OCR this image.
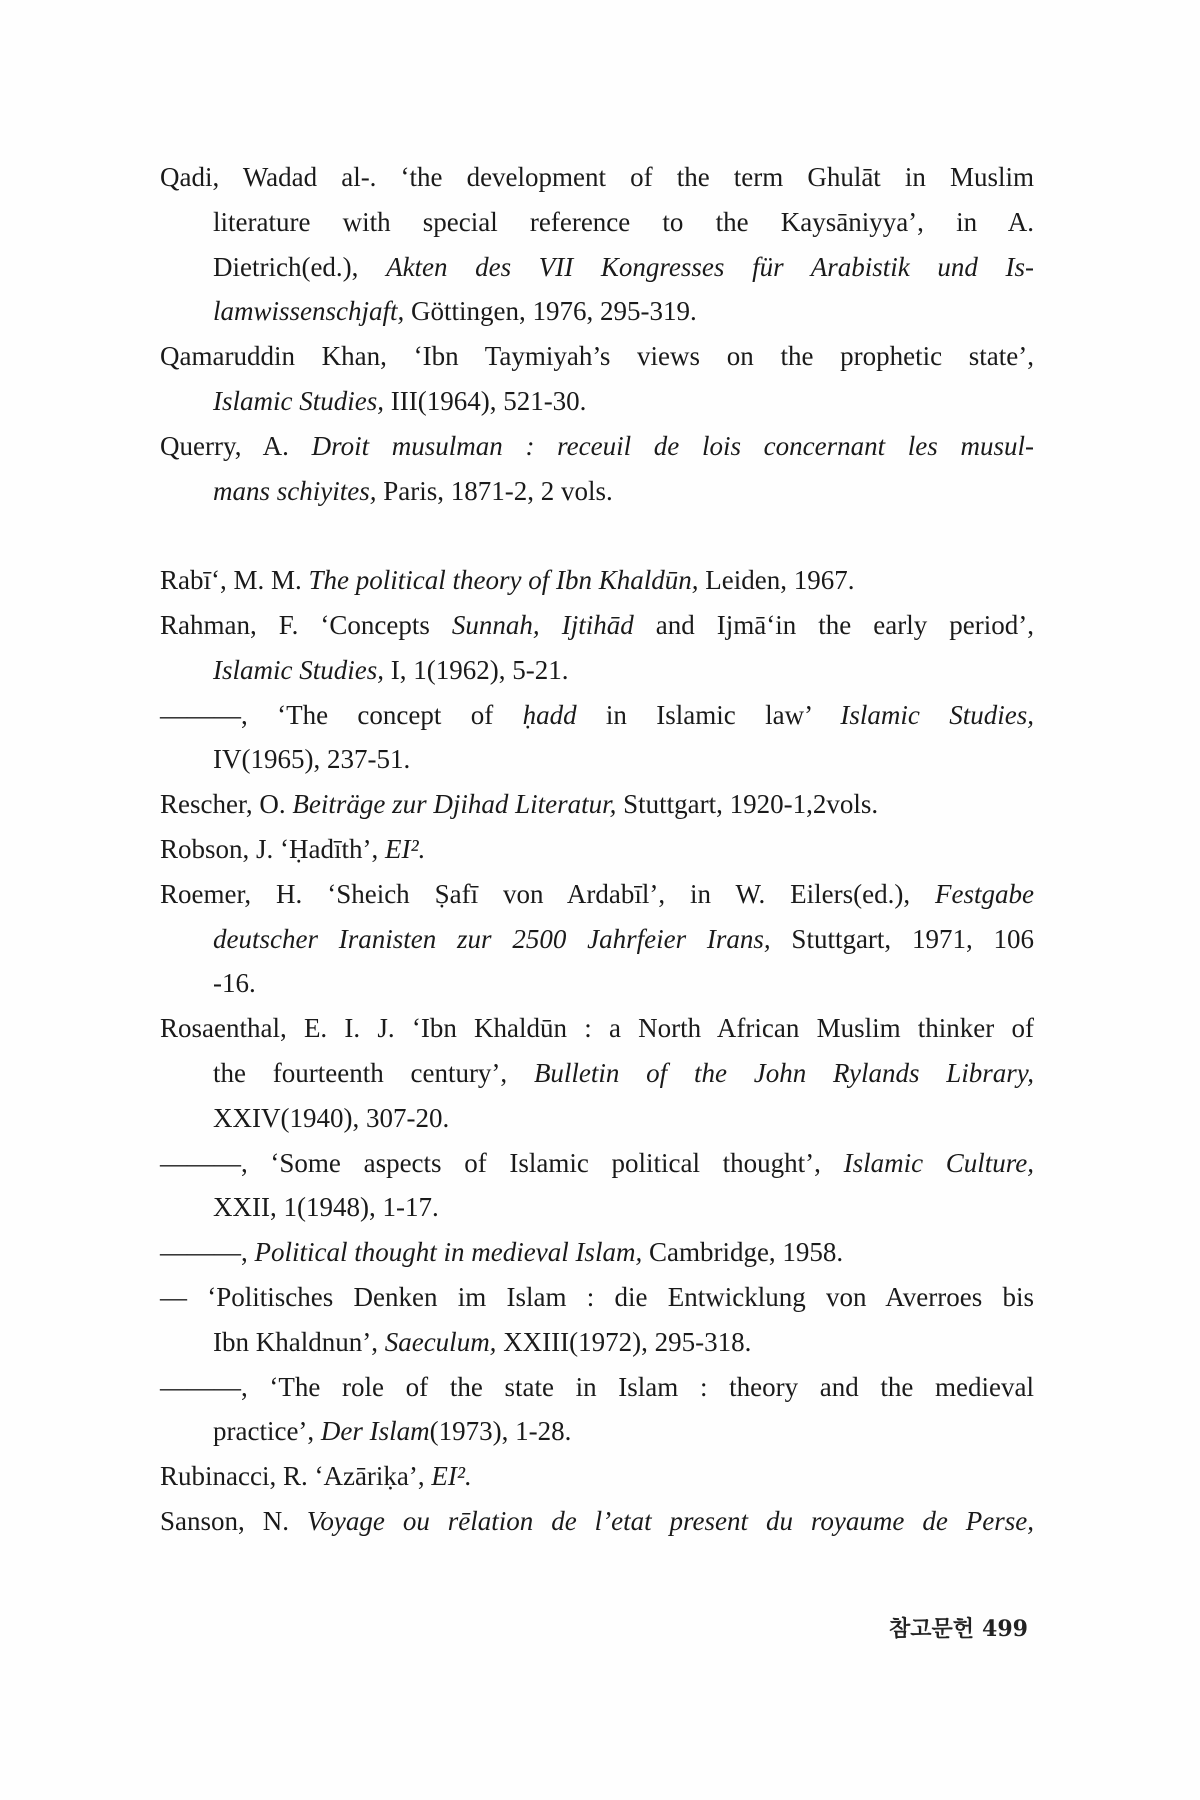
Qadi, Wadad al-. ‘the development of the term Ghulāt in Muslim
literature with special reference to the Kaysāniyya’, in A.
Dietrich(ed.), Akten des VII Kongresses für Arabistik und Is-
lamwissenschjaft, Göttingen, 1976, 295-319.
Qamaruddin Khan, ‘Ibn Taymiyah’s views on the prophetic state’,
Islamic Studies, III(1964), 521-30.
Querry, A. Droit musulman : receuil de lois concernant les musul-
mans schiyites, Paris, 1871-2, 2 vols.
Rabī‘, M. M. The political theory of Ibn Khaldūn, Leiden, 1967.
Rahman, F. ‘Concepts Sunnah, Ijtihād and Ijmā‘in the early period’,
Islamic Studies, I, 1(1962), 5-21.
———, ‘The concept of ḥadd in Islamic law’ Islamic Studies,
IV(1965), 237-51.
Rescher, O. Beiträge zur Djihad Literatur, Stuttgart, 1920-1,2vols.
Robson, J. ‘Ḥadīth’, EI².
Roemer, H. ‘Sheich Ṣafī von Ardabīl’, in W. Eilers(ed.), Festgabe
deutscher Iranisten zur 2500 Jahrfeier Irans, Stuttgart, 1971, 106
-16.
Rosaenthal, E. I. J. ‘Ibn Khaldūn : a North African Muslim thinker of
the fourteenth century’, Bulletin of the John Rylands Library,
XXIV(1940), 307-20.
———, ‘Some aspects of Islamic political thought’, Islamic Culture,
XXII, 1(1948), 1-17.
———, Political thought in medieval Islam, Cambridge, 1958.
— ‘Politisches Denken im Islam : die Entwicklung von Averroes bis
Ibn Khaldnun’, Saeculum, XXIII(1972), 295-318.
———, ‘The role of the state in Islam : theory and the medieval
practice’, Der Islam(1973), 1-28.
Rubinacci, R. ‘Azāriḳa’, EI².
Sanson, N. Voyage ou rēlation de l’etat present du royaume de Perse,
참고문헌 499
